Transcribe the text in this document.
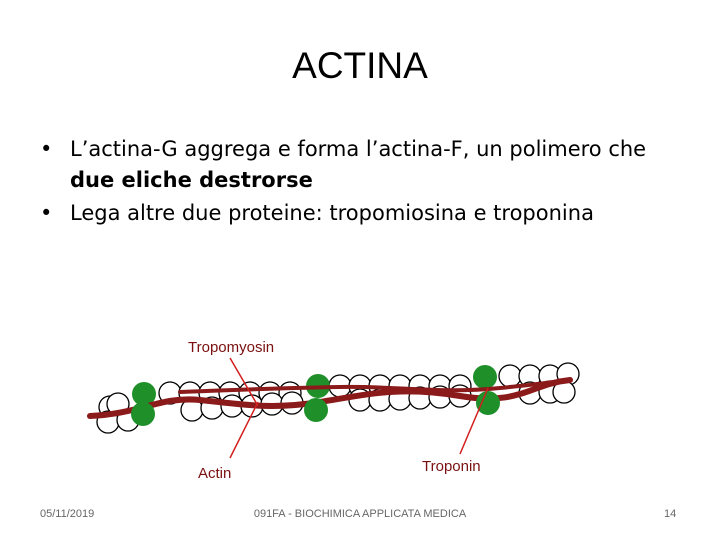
ACTINA
• L’actina-G aggrega e forma l’actina-F, un polimero che due eliche destrorse
• Lega altre due proteine: tropomiosina e troponina
Tropomyosin
Actin	Troponin
05/11/2019	091FA - BIOCHIMICA APPLICATA MEDICA	14
